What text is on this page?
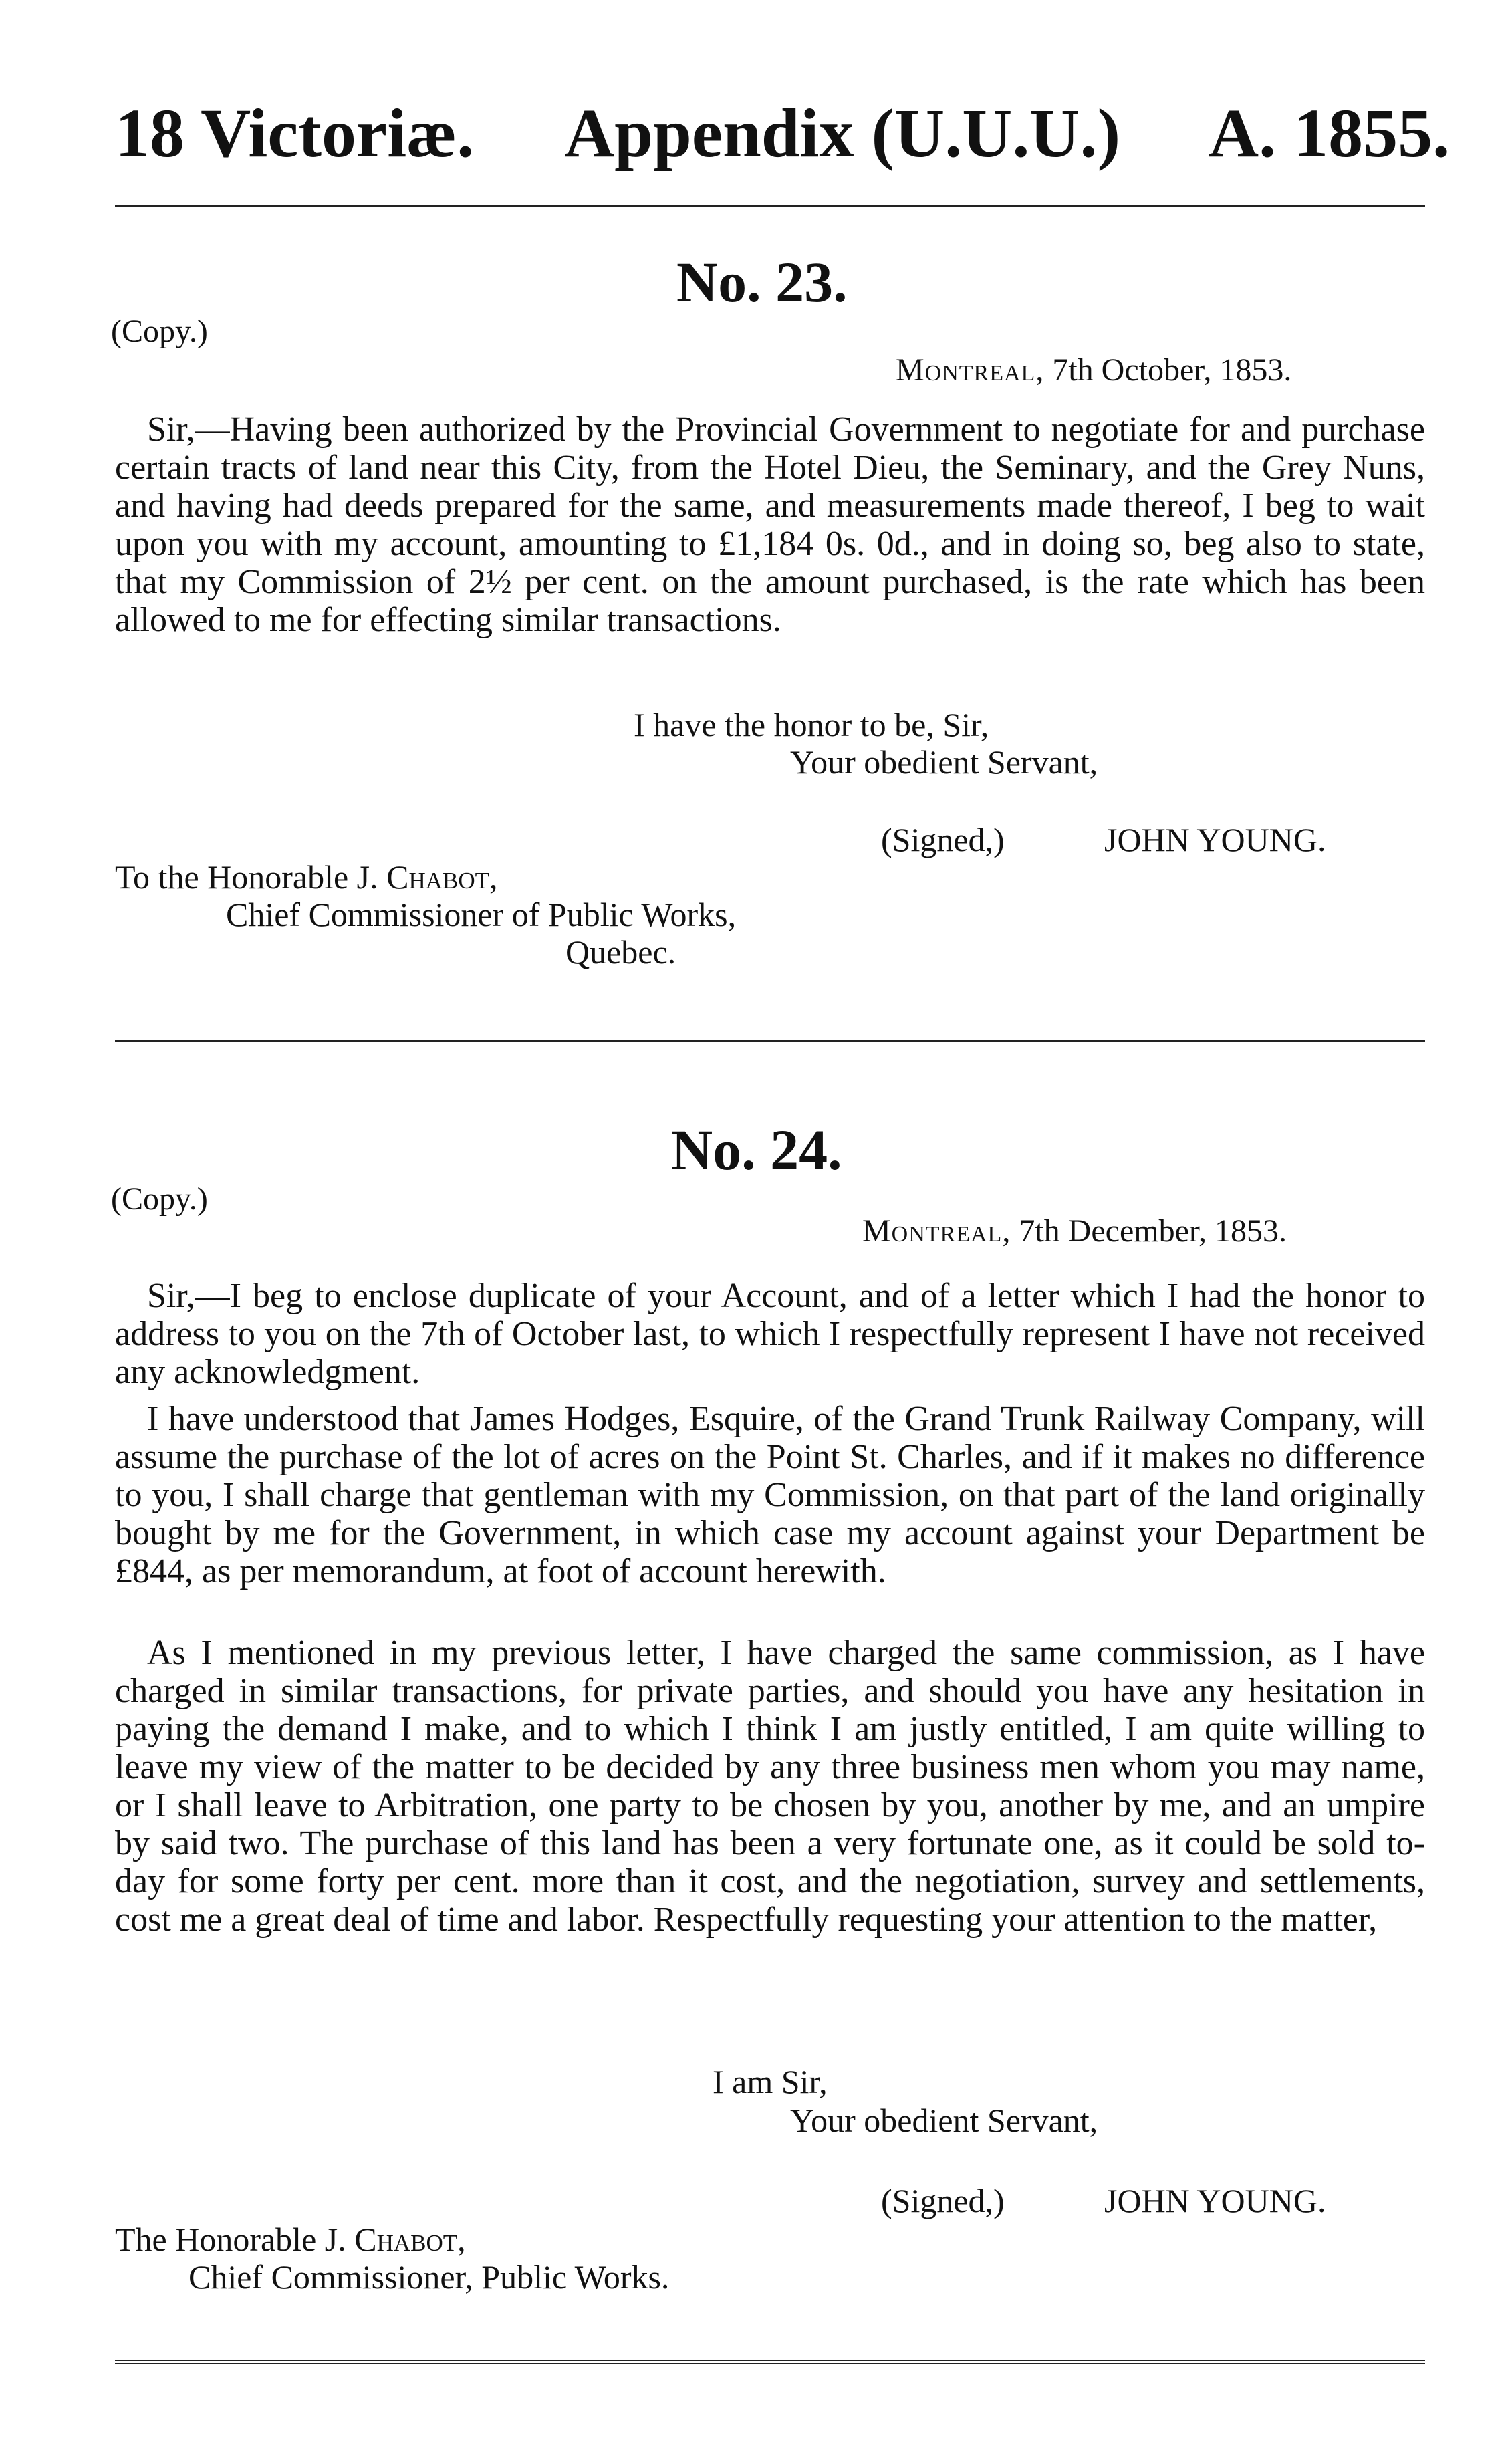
18 Victoriæ. Appendix (U.U.U.) A. 1855.
No. 23.
(Copy.)
Montreal, 7th October, 1853.
Sir,—Having been authorized by the Provincial Government to negotiate for and purchase certain tracts of land near this City, from the Hotel Dieu, the Seminary, and the Grey Nuns, and having had deeds prepared for the same, and measurements made thereof, I beg to wait upon you with my account, amounting to £1,184 0s. 0d., and in doing so, beg also to state, that my Commission of 2½ per cent. on the amount purchased, is the rate which has been allowed to me for effecting similar transactions.
I have the honor to be, Sir,
Your obedient Servant,
(Signed,)	JOHN YOUNG.
To the Honorable J. Chabot,
Chief Commissioner of Public Works,
Quebec.
No. 24.
(Copy.)
Montreal, 7th December, 1853.
Sir,—I beg to enclose duplicate of your Account, and of a letter which I had the honor to address to you on the 7th of October last, to which I respectfully represent I have not received any acknowledgment.
I have understood that James Hodges, Esquire, of the Grand Trunk Railway Company, will assume the purchase of the lot of acres on the Point St. Charles, and if it makes no difference to you, I shall charge that gentleman with my Commission, on that part of the land originally bought by me for the Government, in which case my account against your Department be £844, as per memorandum, at foot of account herewith.
As I mentioned in my previous letter, I have charged the same commission, as I have charged in similar transactions, for private parties, and should you have any hesitation in paying the demand I make, and to which I think I am justly entitled, I am quite willing to leave my view of the matter to be decided by any three business men whom you may name, or I shall leave to Arbitration, one party to be chosen by you, another by me, and an umpire by said two. The purchase of this land has been a very fortunate one, as it could be sold to-day for some forty per cent. more than it cost, and the negotiation, survey and settlements, cost me a great deal of time and labor. Respectfully requesting your attention to the matter,
I am Sir,
Your obedient Servant,
(Signed,)	JOHN YOUNG.
The Honorable J. Chabot,
Chief Commissioner, Public Works.
